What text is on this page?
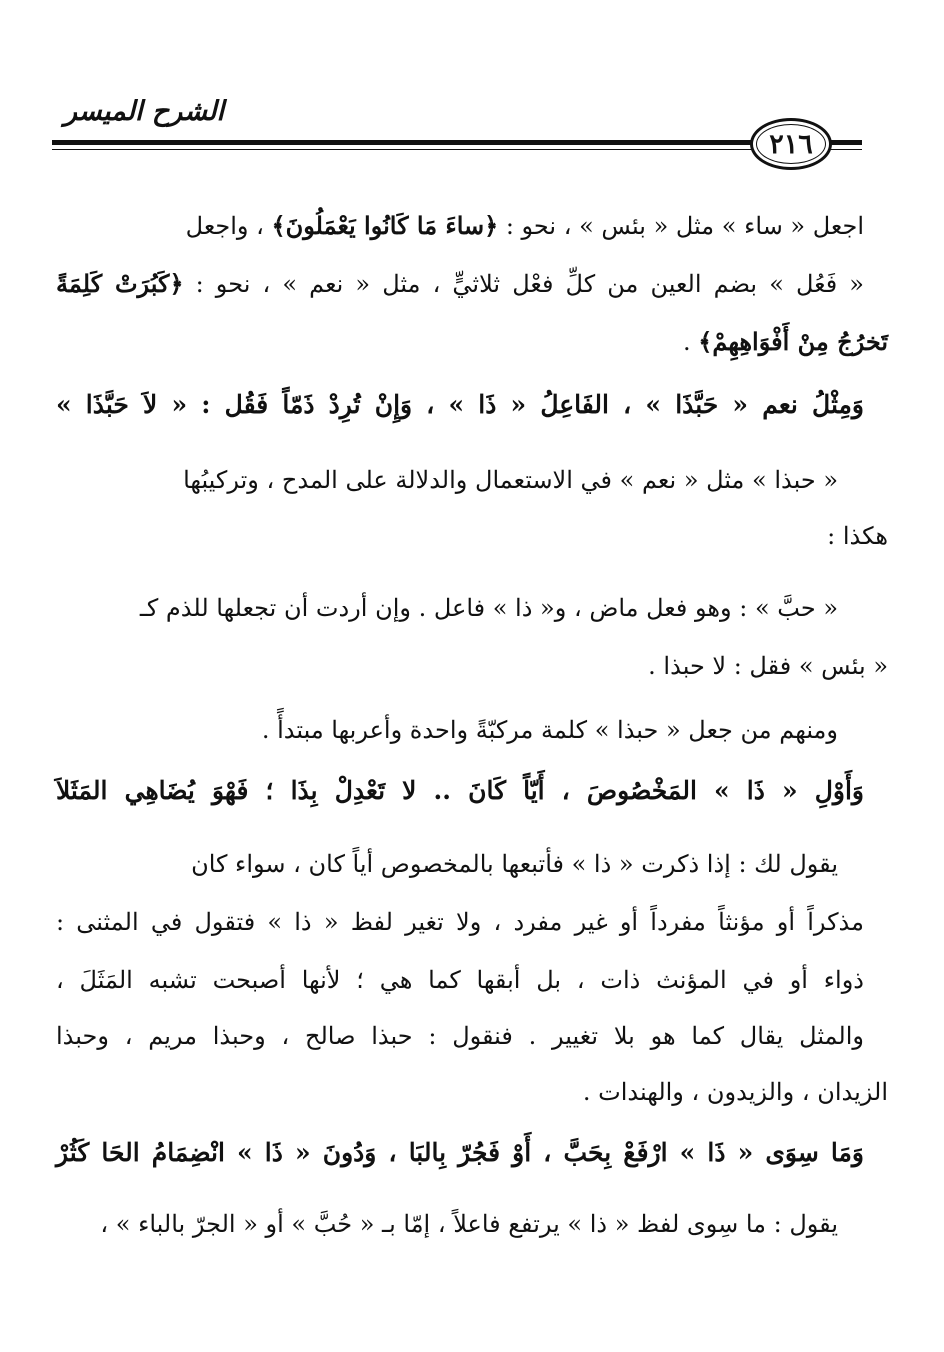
الشرح الميسر
٢١٦
اجعل « ساء » مثل « بئس » ، نحو : ﴿ساءَ مَا كَانُوا يَعْمَلُونَ﴾ ، واجعل
« فَعُل » بضم العين من كلِّ فعْل ثلاثيٍّ ، مثل « نعم » ، نحو : ﴿كَبُرَتْ كَلِمَةً
تَخرُجُ مِنْ أَفْوَاهِهِمْ﴾ .
وَمِثْلُ نعم « حَبَّذَا » ، الفَاعِلُ « ذَا » ، وَإِنْ تُرِدْ ذَمّاً فَقُل : « لاَ حَبَّذَا »
« حبذا » مثل « نعم » في الاستعمال والدلالة على المدح ، وتركيبُها
هكذا :
« حبَّ » : وهو فعل ماض ، و« ذا » فاعل . وإن أردت أن تجعلها للذم كـ
« بئس » فقل : لا حبذا .
ومنهم من جعل « حبذا » كلمة مركبّةً واحدة وأعربها مبتدأً .
وَأَوْلِ « ذَا » المَخْصُوصَ ، أَيّاً كَانَ .. لا تَعْدِلْ بِذَا ؛ فَهْوَ يُضَاهِي المَثَلاَ
يقول لك : إذا ذكرت « ذا » فأتبعها بالمخصوص أياً كان ، سواء كان
مذكراً أو مؤنثاً مفرداً أو غير مفرد ، ولا تغير لفظ « ذا » فتقول في المثنى :
ذواء أو في المؤنث ذات ، بل أبقها كما هي ؛ لأنها أصبحت تشبه المَثَلَ ،
والمثل يقال كما هو بلا تغيير . فنقول : حبذا صالح ، وحبذا مريم ، وحبذا
الزيدان ، والزيدون ، والهندات .
وَمَا سِوَى « ذَا » ارْفَعْ بِحَبَّ ، أَوْ فَجُرّ بِالبَا ، وَدُونَ « ذَا » انْضِمَامُ الحَا كَثُرْ
يقول : ما سِوى لفظ « ذا » يرتفع فاعلاً ، إمّا بـ « حُبَّ » أو « الجرّ بالباء » ،
